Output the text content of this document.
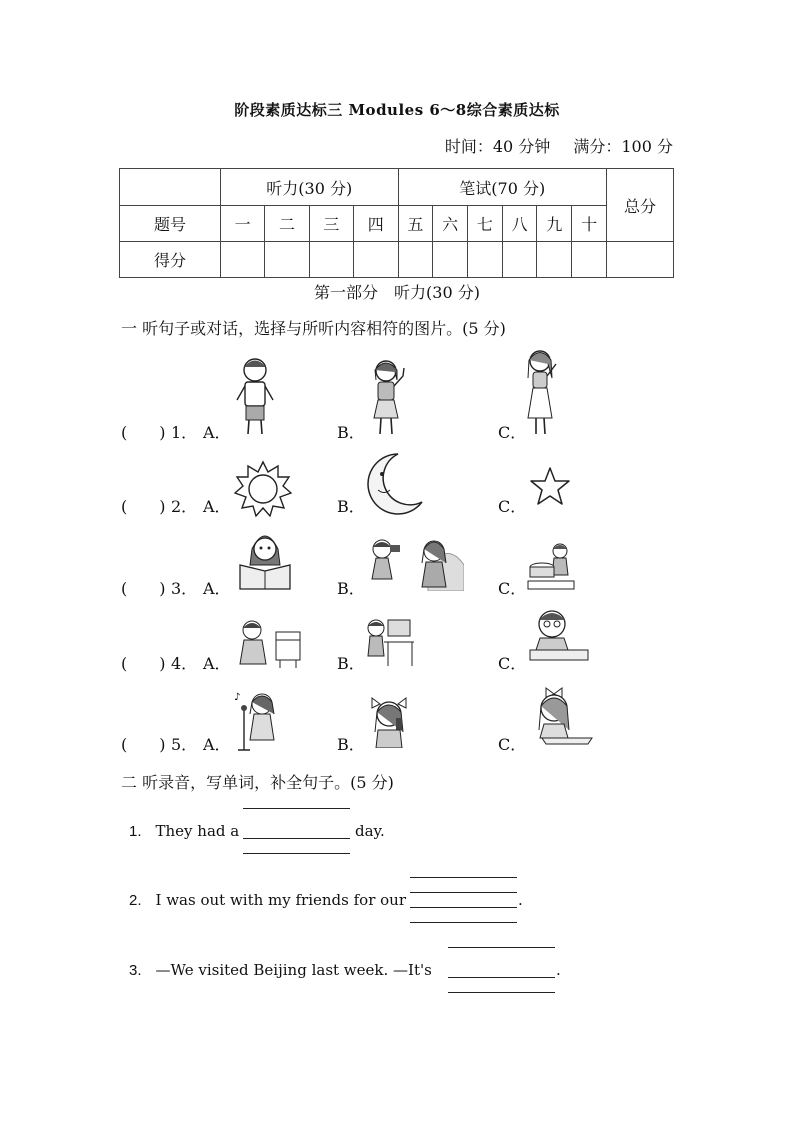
阶段素质达标三 Modules 6～8综合素质达标
时间：40 分钟 满分：100 分
	听力(30 分)				笔试(70 分)						总分
题号	一	二	三	四	五	六	七	八	九	十	
得分											
第一部分　听力(30 分)
一 听句子或对话，选择与所听内容相符的图片。(5 分)
(　　) 1． A．	B．	C．
(　　) 2． A．	B．	C．
(　　) 3． A．	B．	C．
(　　) 4． A．	B．	C．
(　　) 5． A．
♪
B．	C．
二 听录音，写单词，补全句子。(5 分)
1. They had a	day.
2. I was out with my friends for our	.
3. —We visited Beijing last week. —It's	.
